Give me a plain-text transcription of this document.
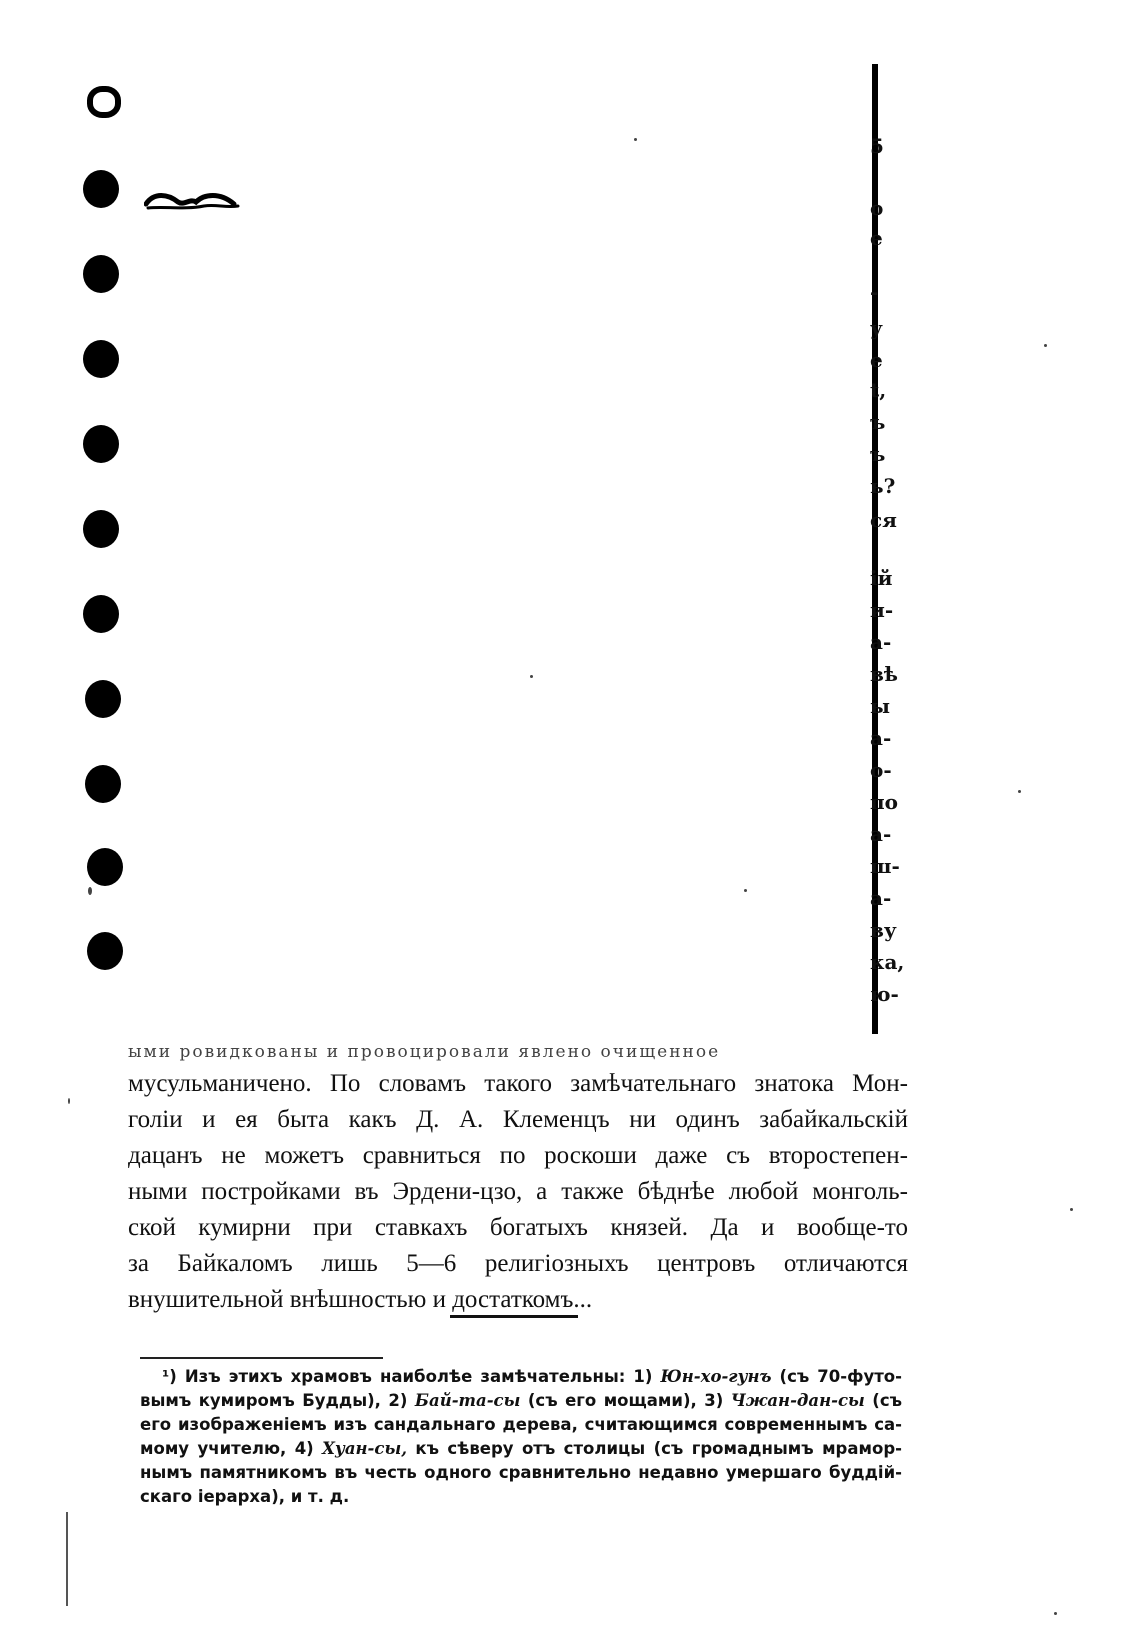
5
о
е
-
у
е
t,
ъ
ъ
ь?
ся
ій
и-
а-
вѣ
ы
а-
о-
по
а-
ш-
а-
ву
ка,
ю-
ыми ровидкованы и провоцировали явлено очищенное
мусульманичено. По словамъ такого замѣчательнаго знатока Мон-
голіи и ея быта какъ Д. А. Клеменцъ ни одинъ забайкальскій
дацанъ не можетъ сравниться по роскоши даже съ второстепен-
ными постройками въ Эрдени-цзо, а также бѣднѣе любой монголь-
ской кумирни при ставкахъ богатыхъ князей. Да и вообще-то
за Байкаломъ лишь 5—6 религіозныхъ центровъ отличаются
внушительной внѣшностью и достаткомъ...
¹) Изъ этихъ храмовъ наиболѣе замѣчательны: 1) Юн-хо-гунъ (съ 70-футо-
вымъ кумиромъ Будды), 2) Бай-та-сы (съ его мощами), 3) Чжан-дан-сы (съ
его изображеніемъ изъ сандальнаго дерева, считающимся современнымъ са-
мому учителю, 4) Хуан-сы, къ сѣверу отъ столицы (съ громаднымъ мрамор-
нымъ памятникомъ въ честь одного сравнительно недавно умершаго буддій-
скаго іерарха), и т. д.
